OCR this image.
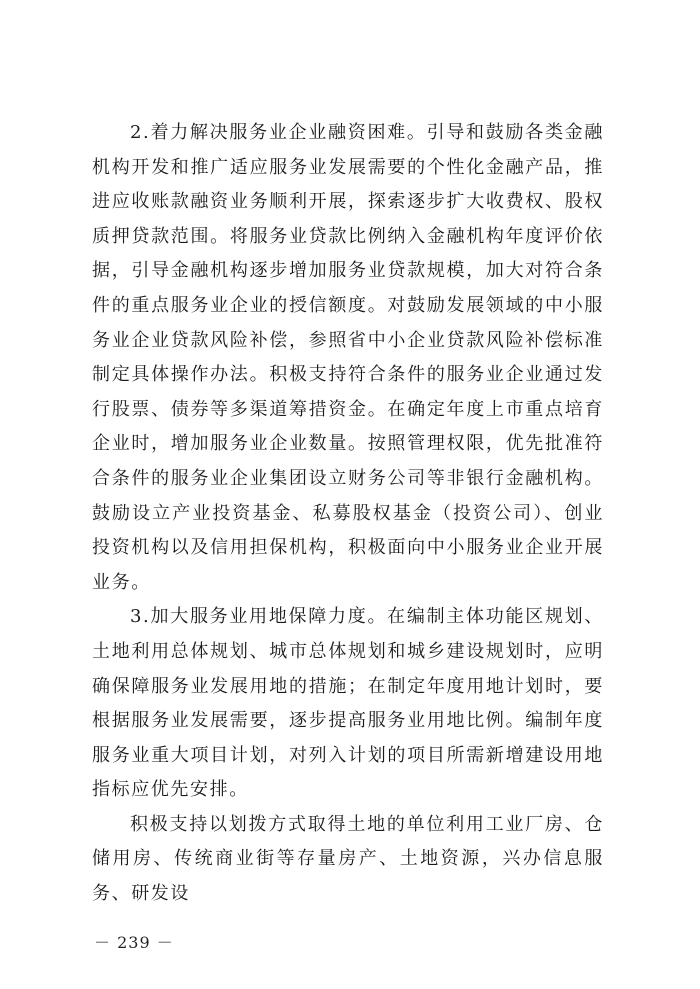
2.着力解决服务业企业融资困难。引导和鼓励各类金融机构开发和推广适应服务业发展需要的个性化金融产品，推进应收账款融资业务顺利开展，探索逐步扩大收费权、股权质押贷款范围。将服务业贷款比例纳入金融机构年度评价依据，引导金融机构逐步增加服务业贷款规模，加大对符合条件的重点服务业企业的授信额度。对鼓励发展领域的中小服务业企业贷款风险补偿，参照省中小企业贷款风险补偿标准制定具体操作办法。积极支持符合条件的服务业企业通过发行股票、债券等多渠道筹措资金。在确定年度上市重点培育企业时，增加服务业企业数量。按照管理权限，优先批准符合条件的服务业企业集团设立财务公司等非银行金融机构。鼓励设立产业投资基金、私募股权基金（投资公司）、创业投资机构以及信用担保机构，积极面向中小服务业企业开展业务。

3.加大服务业用地保障力度。在编制主体功能区规划、土地利用总体规划、城市总体规划和城乡建设规划时，应明确保障服务业发展用地的措施；在制定年度用地计划时，要根据服务业发展需要，逐步提高服务业用地比例。编制年度服务业重大项目计划，对列入计划的项目所需新增建设用地指标应优先安排。

积极支持以划拨方式取得土地的单位利用工业厂房、仓储用房、传统商业街等存量房产、土地资源，兴办信息服务、研发设

－ 239 －
